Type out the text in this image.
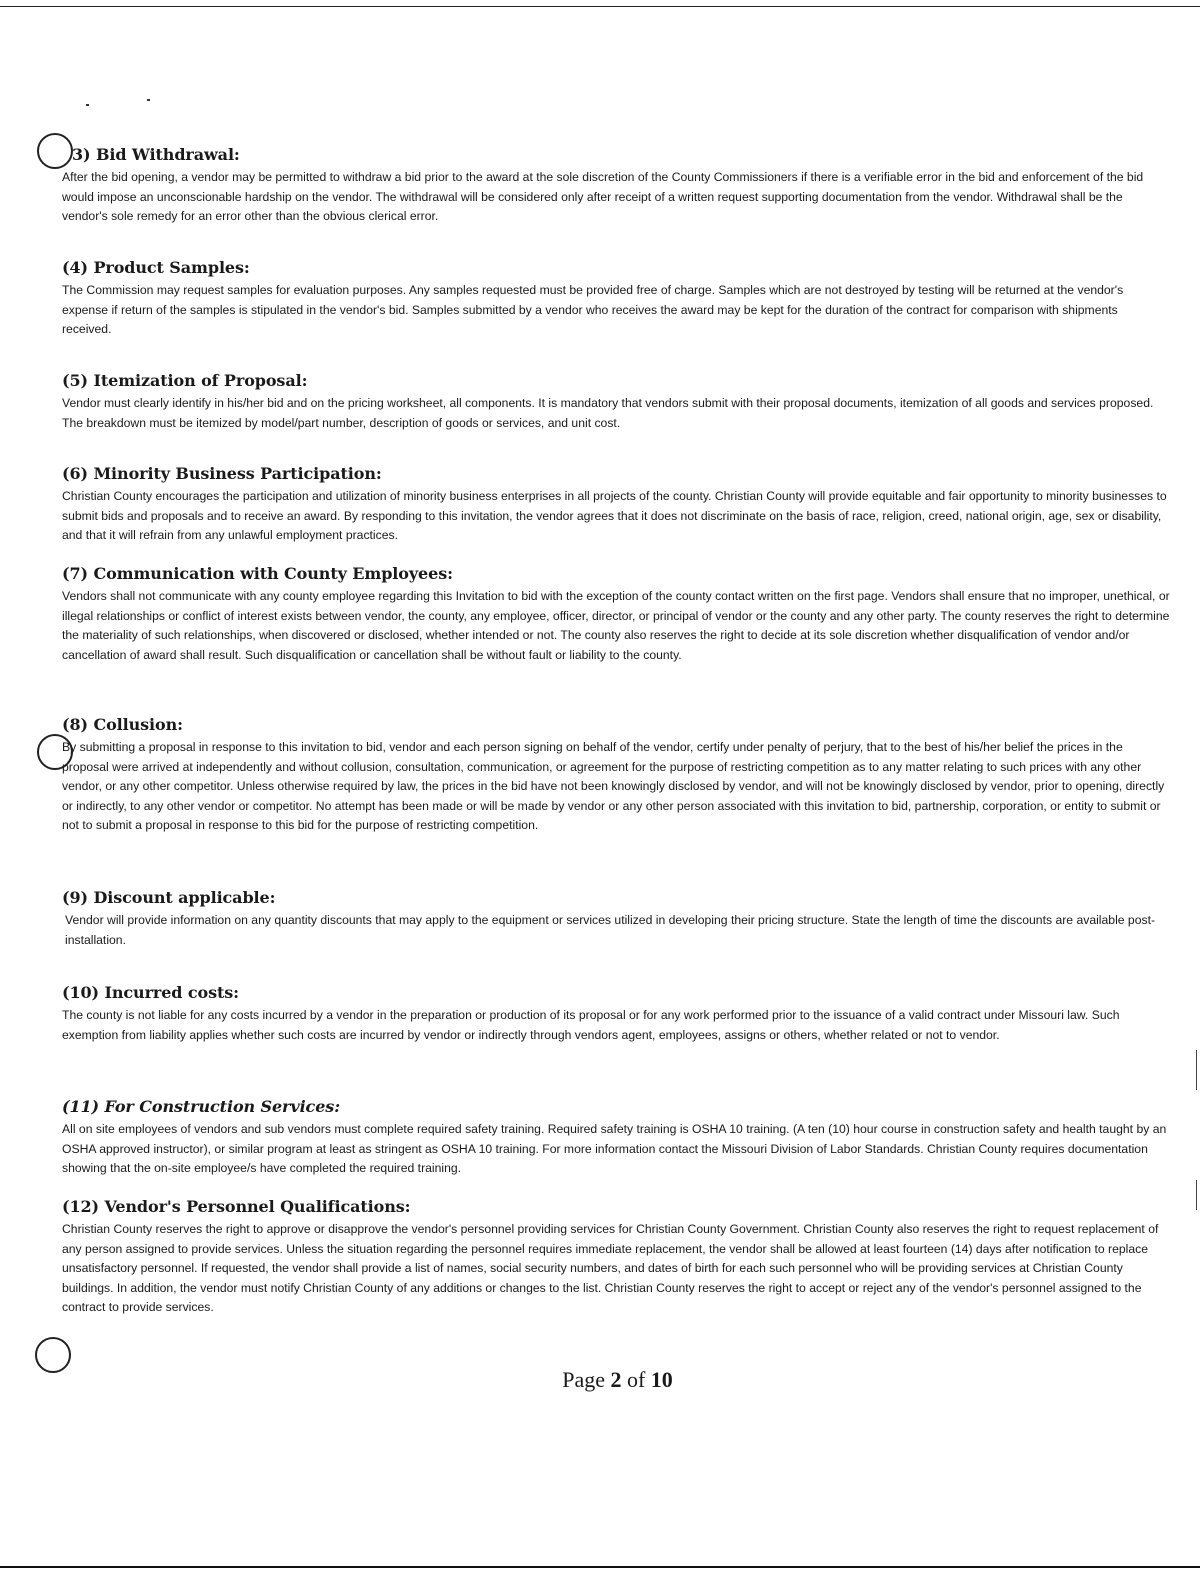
3) Bid Withdrawal:

After the bid opening, a vendor may be permitted to withdraw a bid prior to the award at the sole discretion of the County Commissioners if there is a verifiable error in the bid and enforcement of the bid would impose an unconscionable hardship on the vendor. The withdrawal will be considered only after receipt of a written request supporting documentation from the vendor. Withdrawal shall be the vendor's sole remedy for an error other than the obvious clerical error.

(4) Product Samples:

The Commission may request samples for evaluation purposes. Any samples requested must be provided free of charge. Samples which are not destroyed by testing will be returned at the vendor's expense if return of the samples is stipulated in the vendor's bid. Samples submitted by a vendor who receives the award may be kept for the duration of the contract for comparison with shipments received.

(5) Itemization of Proposal:

Vendor must clearly identify in his/her bid and on the pricing worksheet, all components. It is mandatory that vendors submit with their proposal documents, itemization of all goods and services proposed. The breakdown must be itemized by model/part number, description of goods or services, and unit cost.

(6) Minority Business Participation:

Christian County encourages the participation and utilization of minority business enterprises in all projects of the county. Christian County will provide equitable and fair opportunity to minority businesses to submit bids and proposals and to receive an award. By responding to this invitation, the vendor agrees that it does not discriminate on the basis of race, religion, creed, national origin, age, sex or disability, and that it will refrain from any unlawful employment practices.

(7) Communication with County Employees:

Vendors shall not communicate with any county employee regarding this Invitation to bid with the exception of the county contact written on the first page. Vendors shall ensure that no improper, unethical, or illegal relationships or conflict of interest exists between vendor, the county, any employee, officer, director, or principal of vendor or the county and any other party. The county reserves the right to determine the materiality of such relationships, when discovered or disclosed, whether intended or not. The county also reserves the right to decide at its sole discretion whether disqualification of vendor and/or cancellation of award shall result. Such disqualification or cancellation shall be without fault or liability to the county.

(8) Collusion:

By submitting a proposal in response to this invitation to bid, vendor and each person signing on behalf of the vendor, certify under penalty of perjury, that to the best of his/her belief the prices in the proposal were arrived at independently and without collusion, consultation, communication, or agreement for the purpose of restricting competition as to any matter relating to such prices with any other vendor, or any other competitor. Unless otherwise required by law, the prices in the bid have not been knowingly disclosed by vendor, and will not be knowingly disclosed by vendor, prior to opening, directly or indirectly, to any other vendor or competitor. No attempt has been made or will be made by vendor or any other person associated with this invitation to bid, partnership, corporation, or entity to submit or not to submit a proposal in response to this bid for the purpose of restricting competition.

(9) Discount applicable:

Vendor will provide information on any quantity discounts that may apply to the equipment or services utilized in developing their pricing structure. State the length of time the discounts are available post-installation.

(10) Incurred costs:

The county is not liable for any costs incurred by a vendor in the preparation or production of its proposal or for any work performed prior to the issuance of a valid contract under Missouri law. Such exemption from liability applies whether such costs are incurred by vendor or indirectly through vendors agent, employees, assigns or others, whether related or not to vendor.

(11) For Construction Services:

All on site employees of vendors and sub vendors must complete required safety training. Required safety training is OSHA 10 training. (A ten (10) hour course in construction safety and health taught by an OSHA approved instructor), or similar program at least as stringent as OSHA 10 training. For more information contact the Missouri Division of Labor Standards. Christian County requires documentation showing that the on-site employee/s have completed the required training.

(12) Vendor's Personnel Qualifications:

Christian County reserves the right to approve or disapprove the vendor's personnel providing services for Christian County Government. Christian County also reserves the right to request replacement of any person assigned to provide services. Unless the situation regarding the personnel requires immediate replacement, the vendor shall be allowed at least fourteen (14) days after notification to replace unsatisfactory personnel. If requested, the vendor shall provide a list of names, social security numbers, and dates of birth for each such personnel who will be providing services at Christian County buildings. In addition, the vendor must notify Christian County of any additions or changes to the list. Christian County reserves the right to accept or reject any of the vendor's personnel assigned to the contract to provide services.

Page 2 of 10
